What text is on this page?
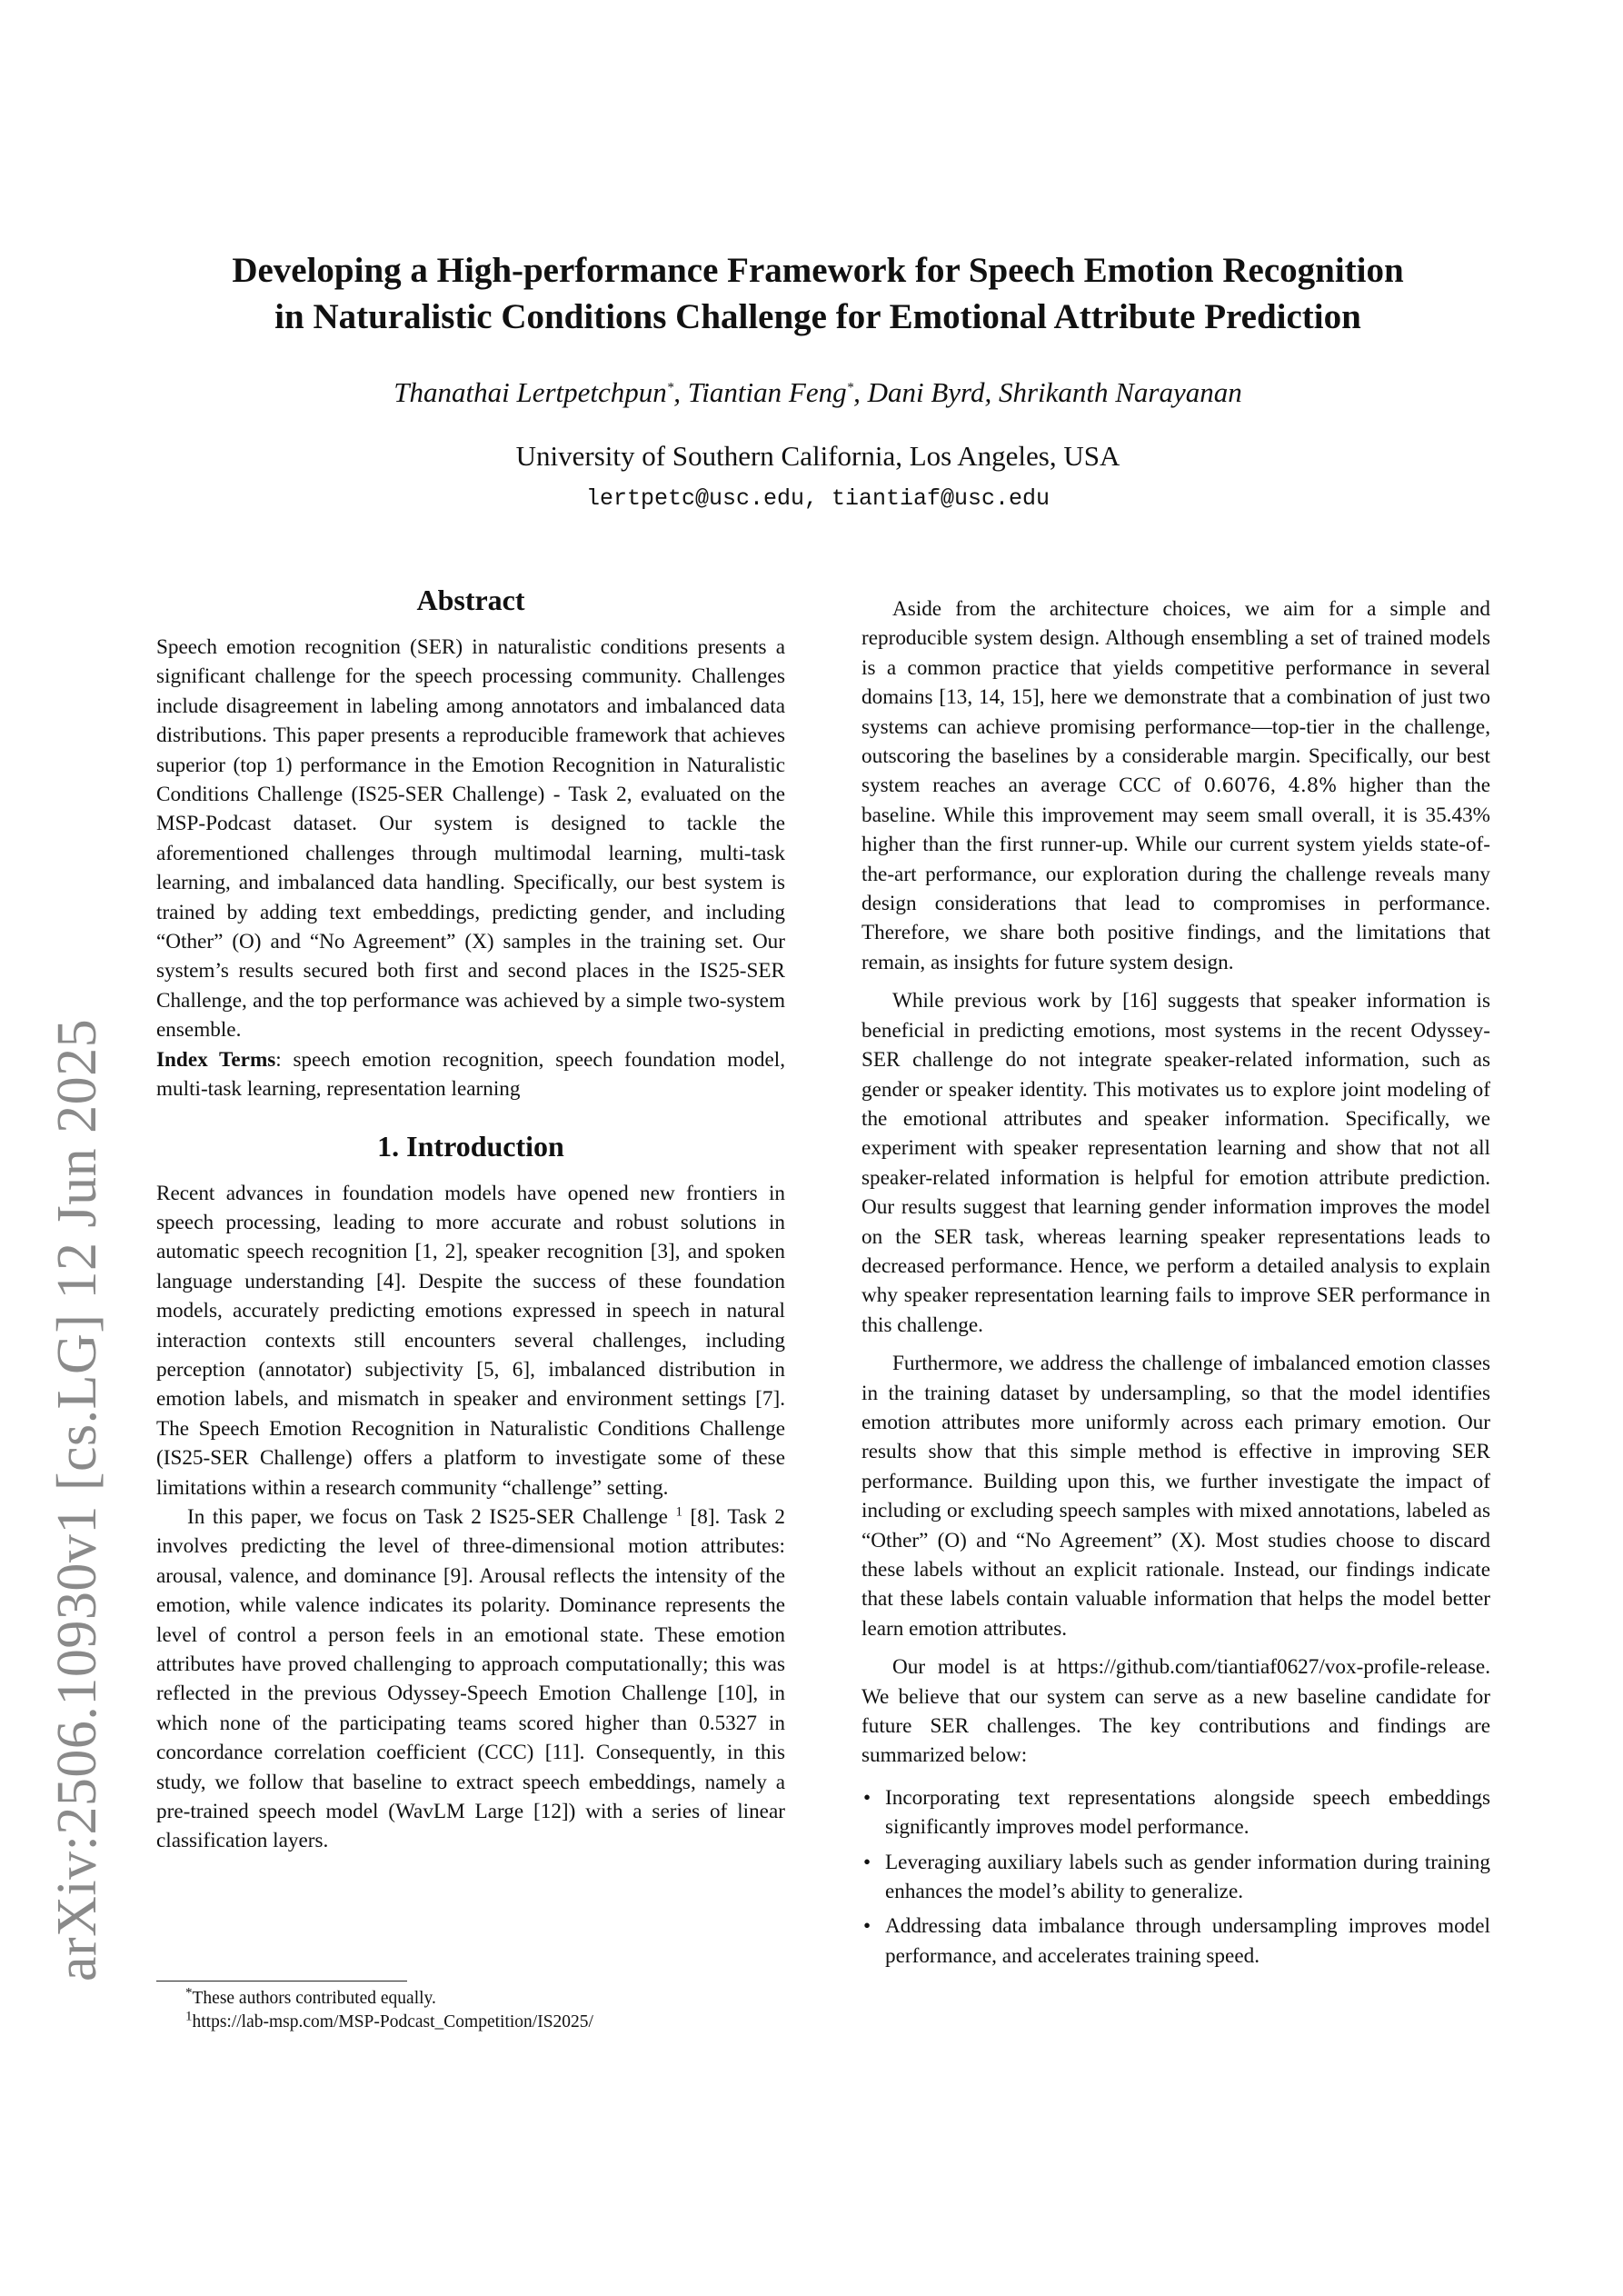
arXiv:2506.10930v1 [cs.LG] 12 Jun 2025
Developing a High-performance Framework for Speech Emotion Recognition
in Naturalistic Conditions Challenge for Emotional Attribute Prediction
Thanathai Lertpetchpun*, Tiantian Feng*, Dani Byrd, Shrikanth Narayanan
University of Southern California, Los Angeles, USA
lertpetc@usc.edu, tiantiaf@usc.edu
Abstract

Speech emotion recognition (SER) in naturalistic conditions presents a significant challenge for the speech processing community. Challenges include disagreement in labeling among annotators and imbalanced data distributions. This paper presents a reproducible framework that achieves superior (top 1) performance in the Emotion Recognition in Naturalistic Conditions Challenge (IS25-SER Challenge) - Task 2, evaluated on the MSP-Podcast dataset. Our system is designed to tackle the aforementioned challenges through multimodal learning, multi-task learning, and imbalanced data handling. Specifically, our best system is trained by adding text embeddings, predicting gender, and including “Other” (O) and “No Agreement” (X) samples in the training set. Our system’s results secured both first and second places in the IS25-SER Challenge, and the top performance was achieved by a simple two-system ensemble.

Index Terms: speech emotion recognition, speech foundation model, multi-task learning, representation learning

1. Introduction

Recent advances in foundation models have opened new frontiers in speech processing, leading to more accurate and robust solutions in automatic speech recognition [1, 2], speaker recognition [3], and spoken language understanding [4]. Despite the success of these foundation models, accurately predicting emotions expressed in speech in natural interaction contexts still encounters several challenges, including perception (annotator) subjectivity [5, 6], imbalanced distribution in emotion labels, and mismatch in speaker and environment settings [7]. The Speech Emotion Recognition in Naturalistic Conditions Challenge (IS25-SER Challenge) offers a platform to investigate some of these limitations within a research community “challenge” setting.

In this paper, we focus on Task 2 IS25-SER Challenge $^1$ [8]. Task 2 involves predicting the level of three-dimensional motion attributes: arousal, valence, and dominance [9]. Arousal reflects the intensity of the emotion, while valence indicates its polarity. Dominance represents the level of control a person feels in an emotional state. These emotion attributes have proved challenging to approach computationally; this was reflected in the previous Odyssey-Speech Emotion Challenge [10], in which none of the participating teams scored higher than 0.5327 in concordance correlation coefficient (CCC) [11]. Consequently, in this study, we follow that baseline to extract speech embeddings, namely a pre-trained speech model (WavLM Large [12]) with a series of linear classification layers.

Aside from the architecture choices, we aim for a simple and reproducible system design. Although ensembling a set of trained models is a common practice that yields competitive performance in several domains [13, 14, 15], here we demonstrate that a combination of just two systems can achieve promising performance—top-tier in the challenge, outscoring the baselines by a considerable margin. Specifically, our best system reaches an average CCC of 0.6076, 4.8% higher than the baseline. While this improvement may seem small overall, it is 35.43% higher than the first runner-up. While our current system yields state-of-the-art performance, our exploration during the challenge reveals many design considerations that lead to compromises in performance. Therefore, we share both positive findings, and the limitations that remain, as insights for future system design.

While previous work by [16] suggests that speaker information is beneficial in predicting emotions, most systems in the recent Odyssey-SER challenge do not integrate speaker-related information, such as gender or speaker identity. This motivates us to explore joint modeling of the emotional attributes and speaker information. Specifically, we experiment with speaker representation learning and show that not all speaker-related information is helpful for emotion attribute prediction. Our results suggest that learning gender information improves the model on the SER task, whereas learning speaker representations leads to decreased performance. Hence, we perform a detailed analysis to explain why speaker representation learning fails to improve SER performance in this challenge.

Furthermore, we address the challenge of imbalanced emotion classes in the training dataset by undersampling, so that the model identifies emotion attributes more uniformly across each primary emotion. Our results show that this simple method is effective in improving SER performance. Building upon this, we further investigate the impact of including or excluding speech samples with mixed annotations, labeled as “Other” (O) and “No Agreement” (X). Most studies choose to discard these labels without an explicit rationale. Instead, our findings indicate that these labels contain valuable information that helps the model better learn emotion attributes.

Our model is at https://github.com/tiantiaf0627/vox-profile-release. We believe that our system can serve as a new baseline candidate for future SER challenges. The key contributions and findings are summarized below:

• Incorporating text representations alongside speech embeddings significantly improves model performance.
• Leveraging auxiliary labels such as gender information during training enhances the model’s ability to generalize.
• Addressing data imbalance through undersampling improves model performance, and accelerates training speed.
*These authors contributed equally.
$^1$https://lab-msp.com/MSP-Podcast_Competition/IS2025/
